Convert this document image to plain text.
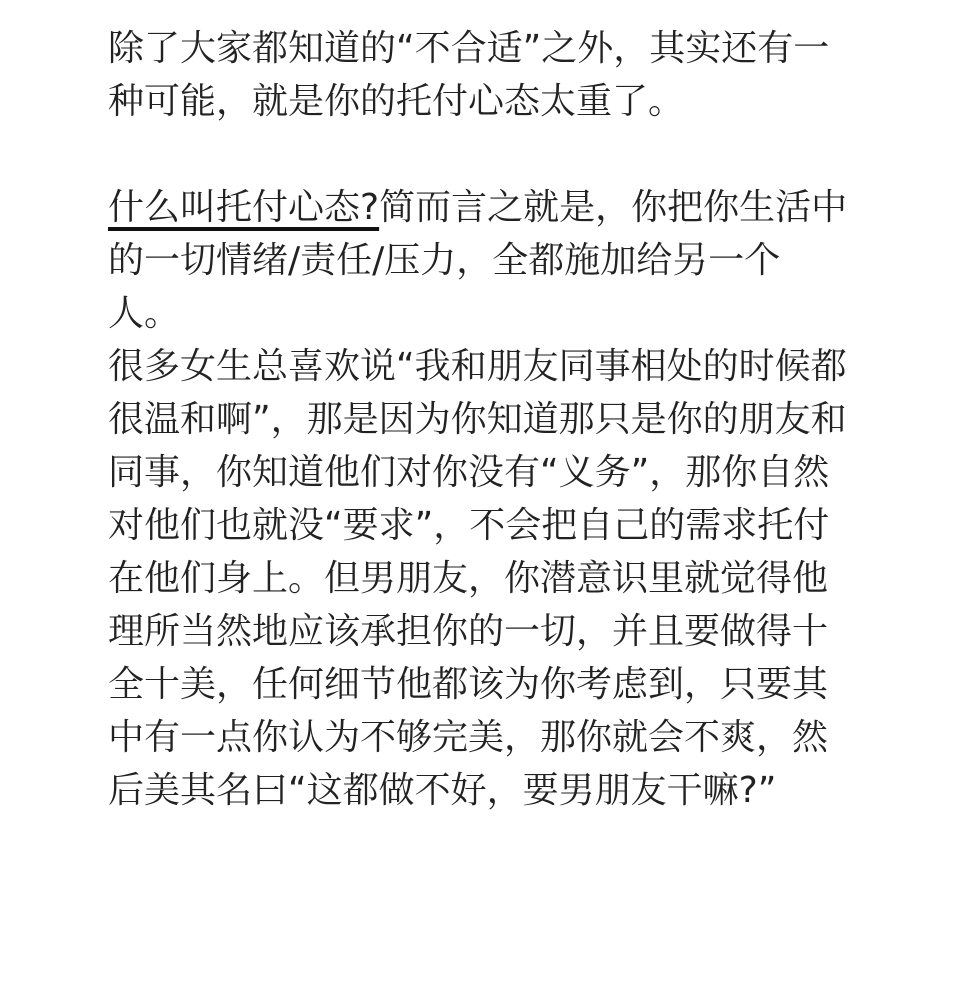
除了大家都知道的“不合适”之外，其实还有一
种可能，就是你的托付心态太重了。
什么叫托付心态?简而言之就是，你把你生活中
的一切情绪/责任/压力，全都施加给另一个
人。
很多女生总喜欢说“我和朋友同事相处的时候都
很温和啊”，那是因为你知道那只是你的朋友和
同事，你知道他们对你没有“义务”，那你自然
对他们也就没“要求”，不会把自己的需求托付
在他们身上。但男朋友，你潜意识里就觉得他
理所当然地应该承担你的一切，并且要做得十
全十美，任何细节他都该为你考虑到，只要其
中有一点你认为不够完美，那你就会不爽，然
后美其名曰“这都做不好，要男朋友干嘛?”
